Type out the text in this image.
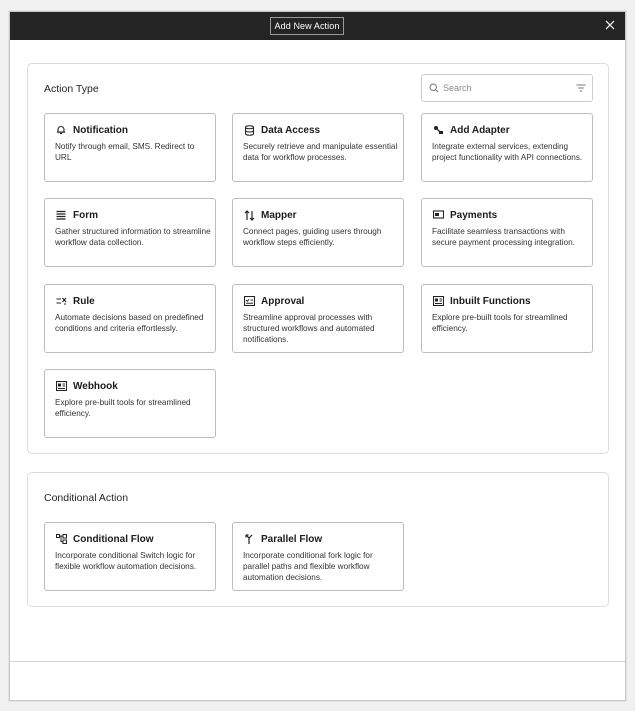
Add New Action
Action Type
Search
Notification
Notify through email, SMS. Redirect to URL
Data Access
Securely retrieve and manipulate essential data for workflow processes.
Add Adapter
Integrate external services, extending project functionality with API connections.
Form
Gather structured information to streamline workflow data collection.
Mapper
Connect pages, guiding users through workflow steps efficiently.
Payments
Facilitate seamless transactions with secure payment processing integration.
Rule
Automate decisions based on predefined conditions and criteria effortlessly.
Approval
Streamline approval processes with structured workflows and automated notifications.
Inbuilt Functions
Explore pre-built tools for streamlined efficiency.
Webhook
Explore pre-built tools for streamlined efficiency.
Conditional Action
Conditional Flow
Incorporate conditional Switch logic for flexible workflow automation decisions.
Parallel Flow
Incorporate conditional fork logic for parallel paths and flexible workflow automation decisions.
